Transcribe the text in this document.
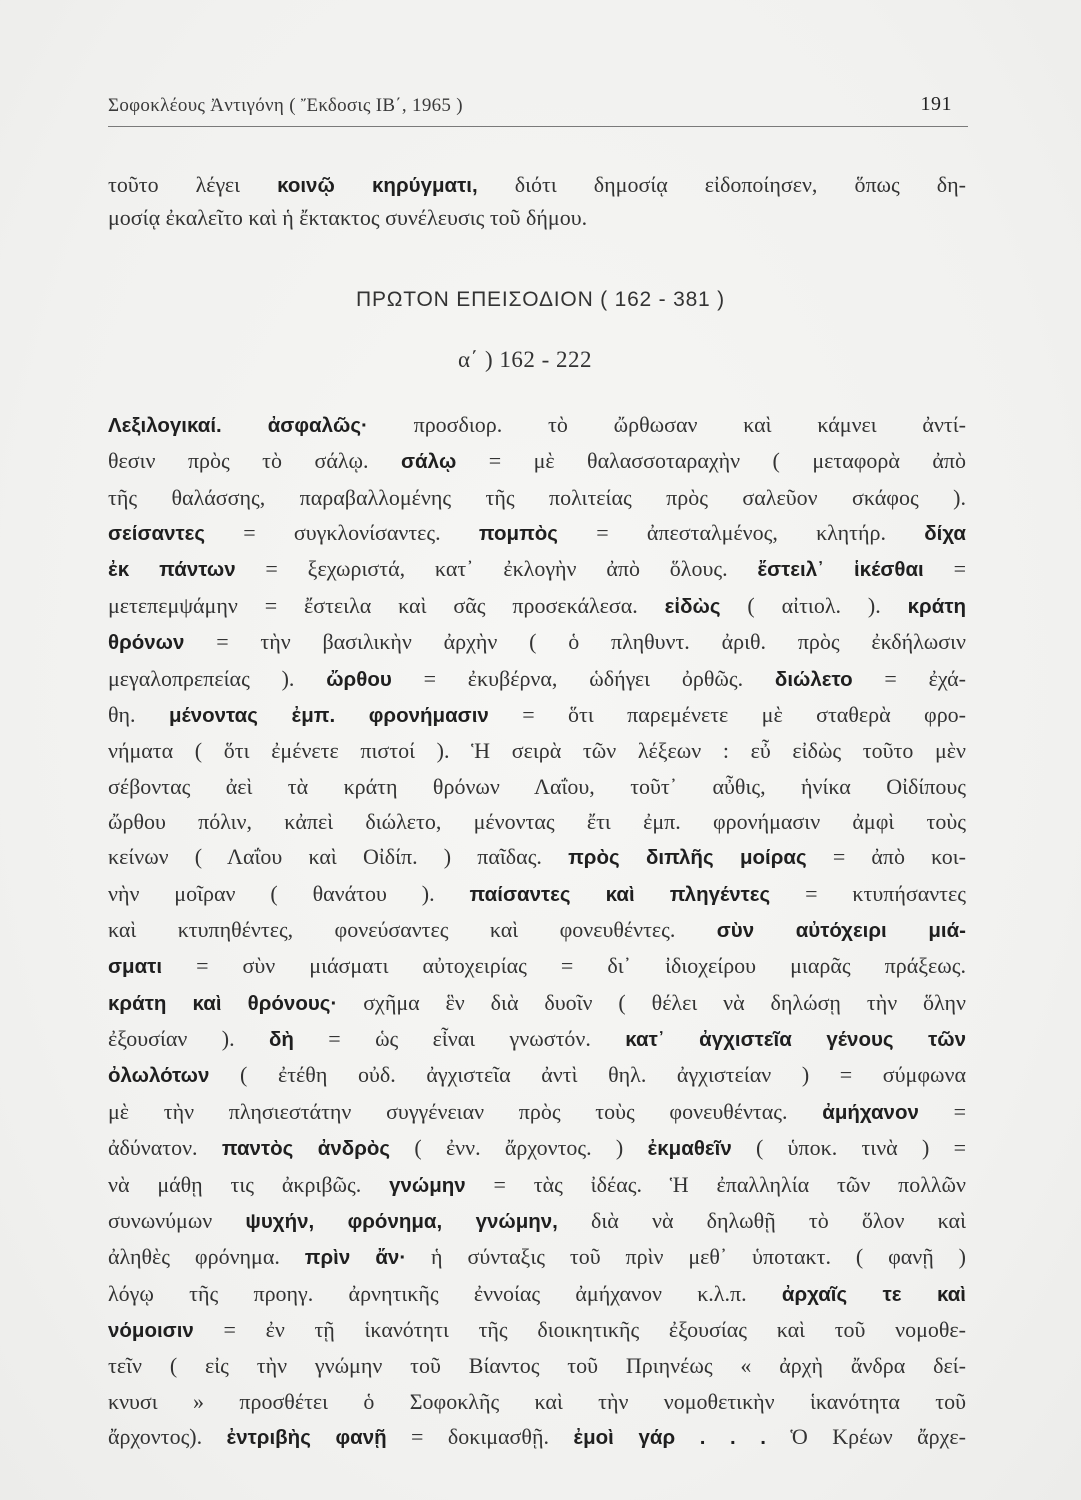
Σοφοκλέους Ἀντιγόνη ( Ἔκδοσις ΙΒ΄, 1965 )	191
τοῦτο λέγει κοινῷ κηρύγματι, διότι δημοσίᾳ εἰδοποίησεν, ὅπως δη-
μοσίᾳ ἐκαλεῖτο καὶ ἡ ἔκτακτος συνέλευσις τοῦ δήμου.
ΠΡΩΤΟΝ ΕΠΕΙΣΟΔΙΟΝ ( 162 - 381 )
α΄ ) 162 - 222
Λεξιλογικαί. ἀσφαλῶς· προσδιορ. τὸ ὤρθωσαν καὶ κάμνει ἀντί-
θεσιν πρὸς τὸ σάλῳ. σάλῳ = μὲ θαλασσοταραχὴν ( μεταφορὰ ἀπὸ
τῆς θαλάσσης, παραβαλλομένης τῆς πολιτείας πρὸς σαλεῦον σκάφος ).
σείσαντες = συγκλονίσαντες. πομπὸς = ἀπεσταλμένος, κλητήρ. δίχα
ἐκ πάντων = ξεχωριστά, κατ᾿ ἐκλογὴν ἀπὸ ὅλους. ἔστειλ᾿ ἱκέσθαι =
μετεπεμψάμην = ἔστειλα καὶ σᾶς προσεκάλεσα. εἰδὼς ( αἰτιολ. ). κράτη
θρόνων = τὴν βασιλικὴν ἀρχὴν ( ὁ πληθυντ. ἀριθ. πρὸς ἐκδήλωσιν
μεγαλοπρεπείας ). ὤρθου = ἐκυβέρνα, ὡδήγει ὀρθῶς. διώλετο = ἐχά-
θη. μένοντας ἐμπ. φρονήμασιν = ὅτι παρεμένετε μὲ σταθερὰ φρο-
νήματα ( ὅτι ἐμένετε πιστοί ). Ἡ σειρὰ τῶν λέξεων : εὖ εἰδὼς τοῦτο μὲν
σέβοντας ἀεὶ τὰ κράτη θρόνων Λαΐου, τοῦτ᾿ αὖθις, ἡνίκα Οἰδίπους
ὤρθου πόλιν, κἀπεὶ διώλετο, μένοντας ἔτι ἐμπ. φρονήμασιν ἀμφὶ τοὺς
κείνων ( Λαΐου καὶ Οἰδίπ. ) παῖδας. πρὸς διπλῆς μοίρας = ἀπὸ κοι-
νὴν μοῖραν ( θανάτου ). παίσαντες καὶ πληγέντες = κτυπήσαντες
καὶ κτυπηθέντες, φονεύσαντες καὶ φονευθέντες. σὺν αὐτόχειρι μιά-
σματι = σὺν μιάσματι αὐτοχειρίας = δι᾿ ἰδιοχείρου μιαρᾶς πράξεως.
κράτη καὶ θρόνους· σχῆμα ἓν διὰ δυοῖν ( θέλει νὰ δηλώσῃ τὴν ὅλην
ἐξουσίαν ). δὴ = ὡς εἶναι γνωστόν. κατ᾿ ἀγχιστεῖα γένους τῶν
ὀλωλότων ( ἐτέθη οὐδ. ἀγχιστεῖα ἀντὶ θηλ. ἀγχιστείαν ) = σύμφωνα
μὲ τὴν πλησιεστάτην συγγένειαν πρὸς τοὺς φονευθέντας. ἀμήχανον =
ἀδύνατον. παντὸς ἀνδρὸς ( ἐνν. ἄρχοντος. ) ἐκμαθεῖν ( ὑποκ. τινὰ ) =
νὰ μάθῃ τις ἀκριβῶς. γνώμην = τὰς ἰδέας. Ἡ ἐπαλληλία τῶν πολλῶν
συνωνύμων ψυχήν, φρόνημα, γνώμην, διὰ νὰ δηλωθῇ τὸ ὅλον καὶ
ἀληθὲς φρόνημα. πρὶν ἄν· ἡ σύνταξις τοῦ πρὶν μεθ᾿ ὑποτακτ. ( φανῇ )
λόγῳ τῆς προηγ. ἀρνητικῆς ἐννοίας ἀμήχανον κ.λ.π. ἀρχαῖς τε καὶ
νόμοισιν = ἐν τῇ ἱκανότητι τῆς διοικητικῆς ἐξουσίας καὶ τοῦ νομοθε-
τεῖν ( εἰς τὴν γνώμην τοῦ Βίαντος τοῦ Πριηνέως « ἀρχὴ ἄνδρα δεί-
κνυσι » προσθέτει ὁ Σοφοκλῆς καὶ τὴν νομοθετικὴν ἱκανότητα τοῦ
ἄρχοντος). ἐντριβὴς φανῇ = δοκιμασθῇ. ἐμοὶ γάρ . . . Ὁ Κρέων ἄρχε-
